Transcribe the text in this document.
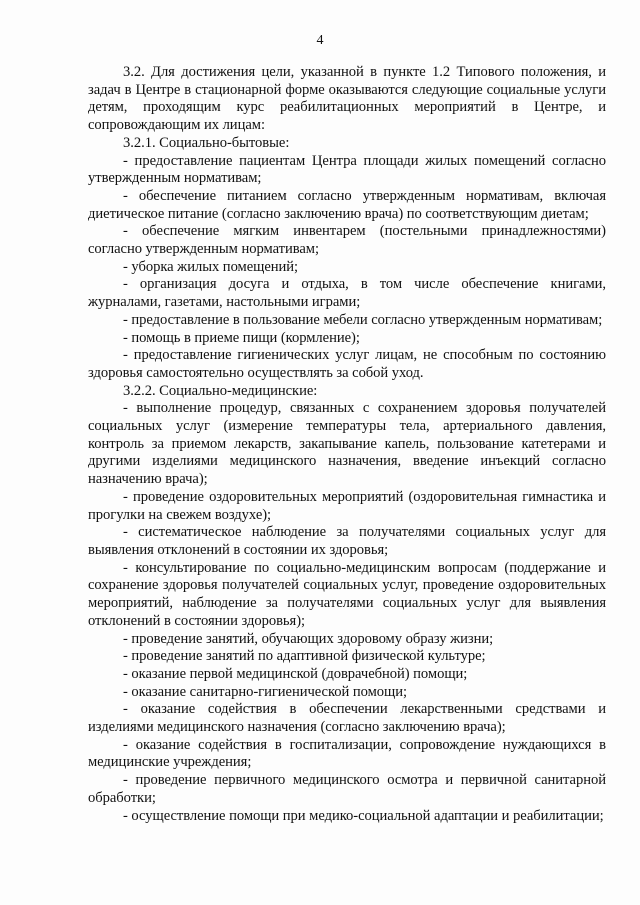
4

3.2. Для достижения цели, указанной в пункте 1.2 Типового положения, и задач в Центре в стационарной форме оказываются следующие социальные услуги детям, проходящим курс реабилитационных мероприятий в Центре, и сопровождающим их лицам:

3.2.1. Социально-бытовые:

- предоставление пациентам Центра площади жилых помещений согласно утвержденным нормативам;

- обеспечение питанием согласно утвержденным нормативам, включая диетическое питание (согласно заключению врача) по соответствующим диетам;

- обеспечение мягким инвентарем (постельными принадлежностями) согласно утвержденным нормативам;

- уборка жилых помещений;

- организация досуга и отдыха, в том числе обеспечение книгами, журналами, газетами, настольными играми;

- предоставление в пользование мебели согласно утвержденным нормативам;

- помощь в приеме пищи (кормление);

- предоставление гигиенических услуг лицам, не способным по состоянию здоровья самостоятельно осуществлять за собой уход.

3.2.2. Социально-медицинские:

- выполнение процедур, связанных с сохранением здоровья получателей социальных услуг (измерение температуры тела, артериального давления, контроль за приемом лекарств, закапывание капель, пользование катетерами и другими изделиями медицинского назначения, введение инъекций согласно назначению врача);

- проведение оздоровительных мероприятий (оздоровительная гимнастика и прогулки на свежем воздухе);

- систематическое наблюдение за получателями социальных услуг для выявления отклонений в состоянии их здоровья;

- консультирование по социально-медицинским вопросам (поддержание и сохранение здоровья получателей социальных услуг, проведение оздоровительных мероприятий, наблюдение за получателями социальных услуг для выявления отклонений в состоянии здоровья);

- проведение занятий, обучающих здоровому образу жизни;

- проведение занятий по адаптивной физической культуре;

- оказание первой медицинской (доврачебной) помощи;

- оказание санитарно-гигиенической помощи;

- оказание содействия в обеспечении лекарственными средствами и изделиями медицинского назначения (согласно заключению врача);

- оказание содействия в госпитализации, сопровождение нуждающихся в медицинские учреждения;

- проведение первичного медицинского осмотра и первичной санитарной обработки;

- осуществление помощи при медико-социальной адаптации и реабилитации;
